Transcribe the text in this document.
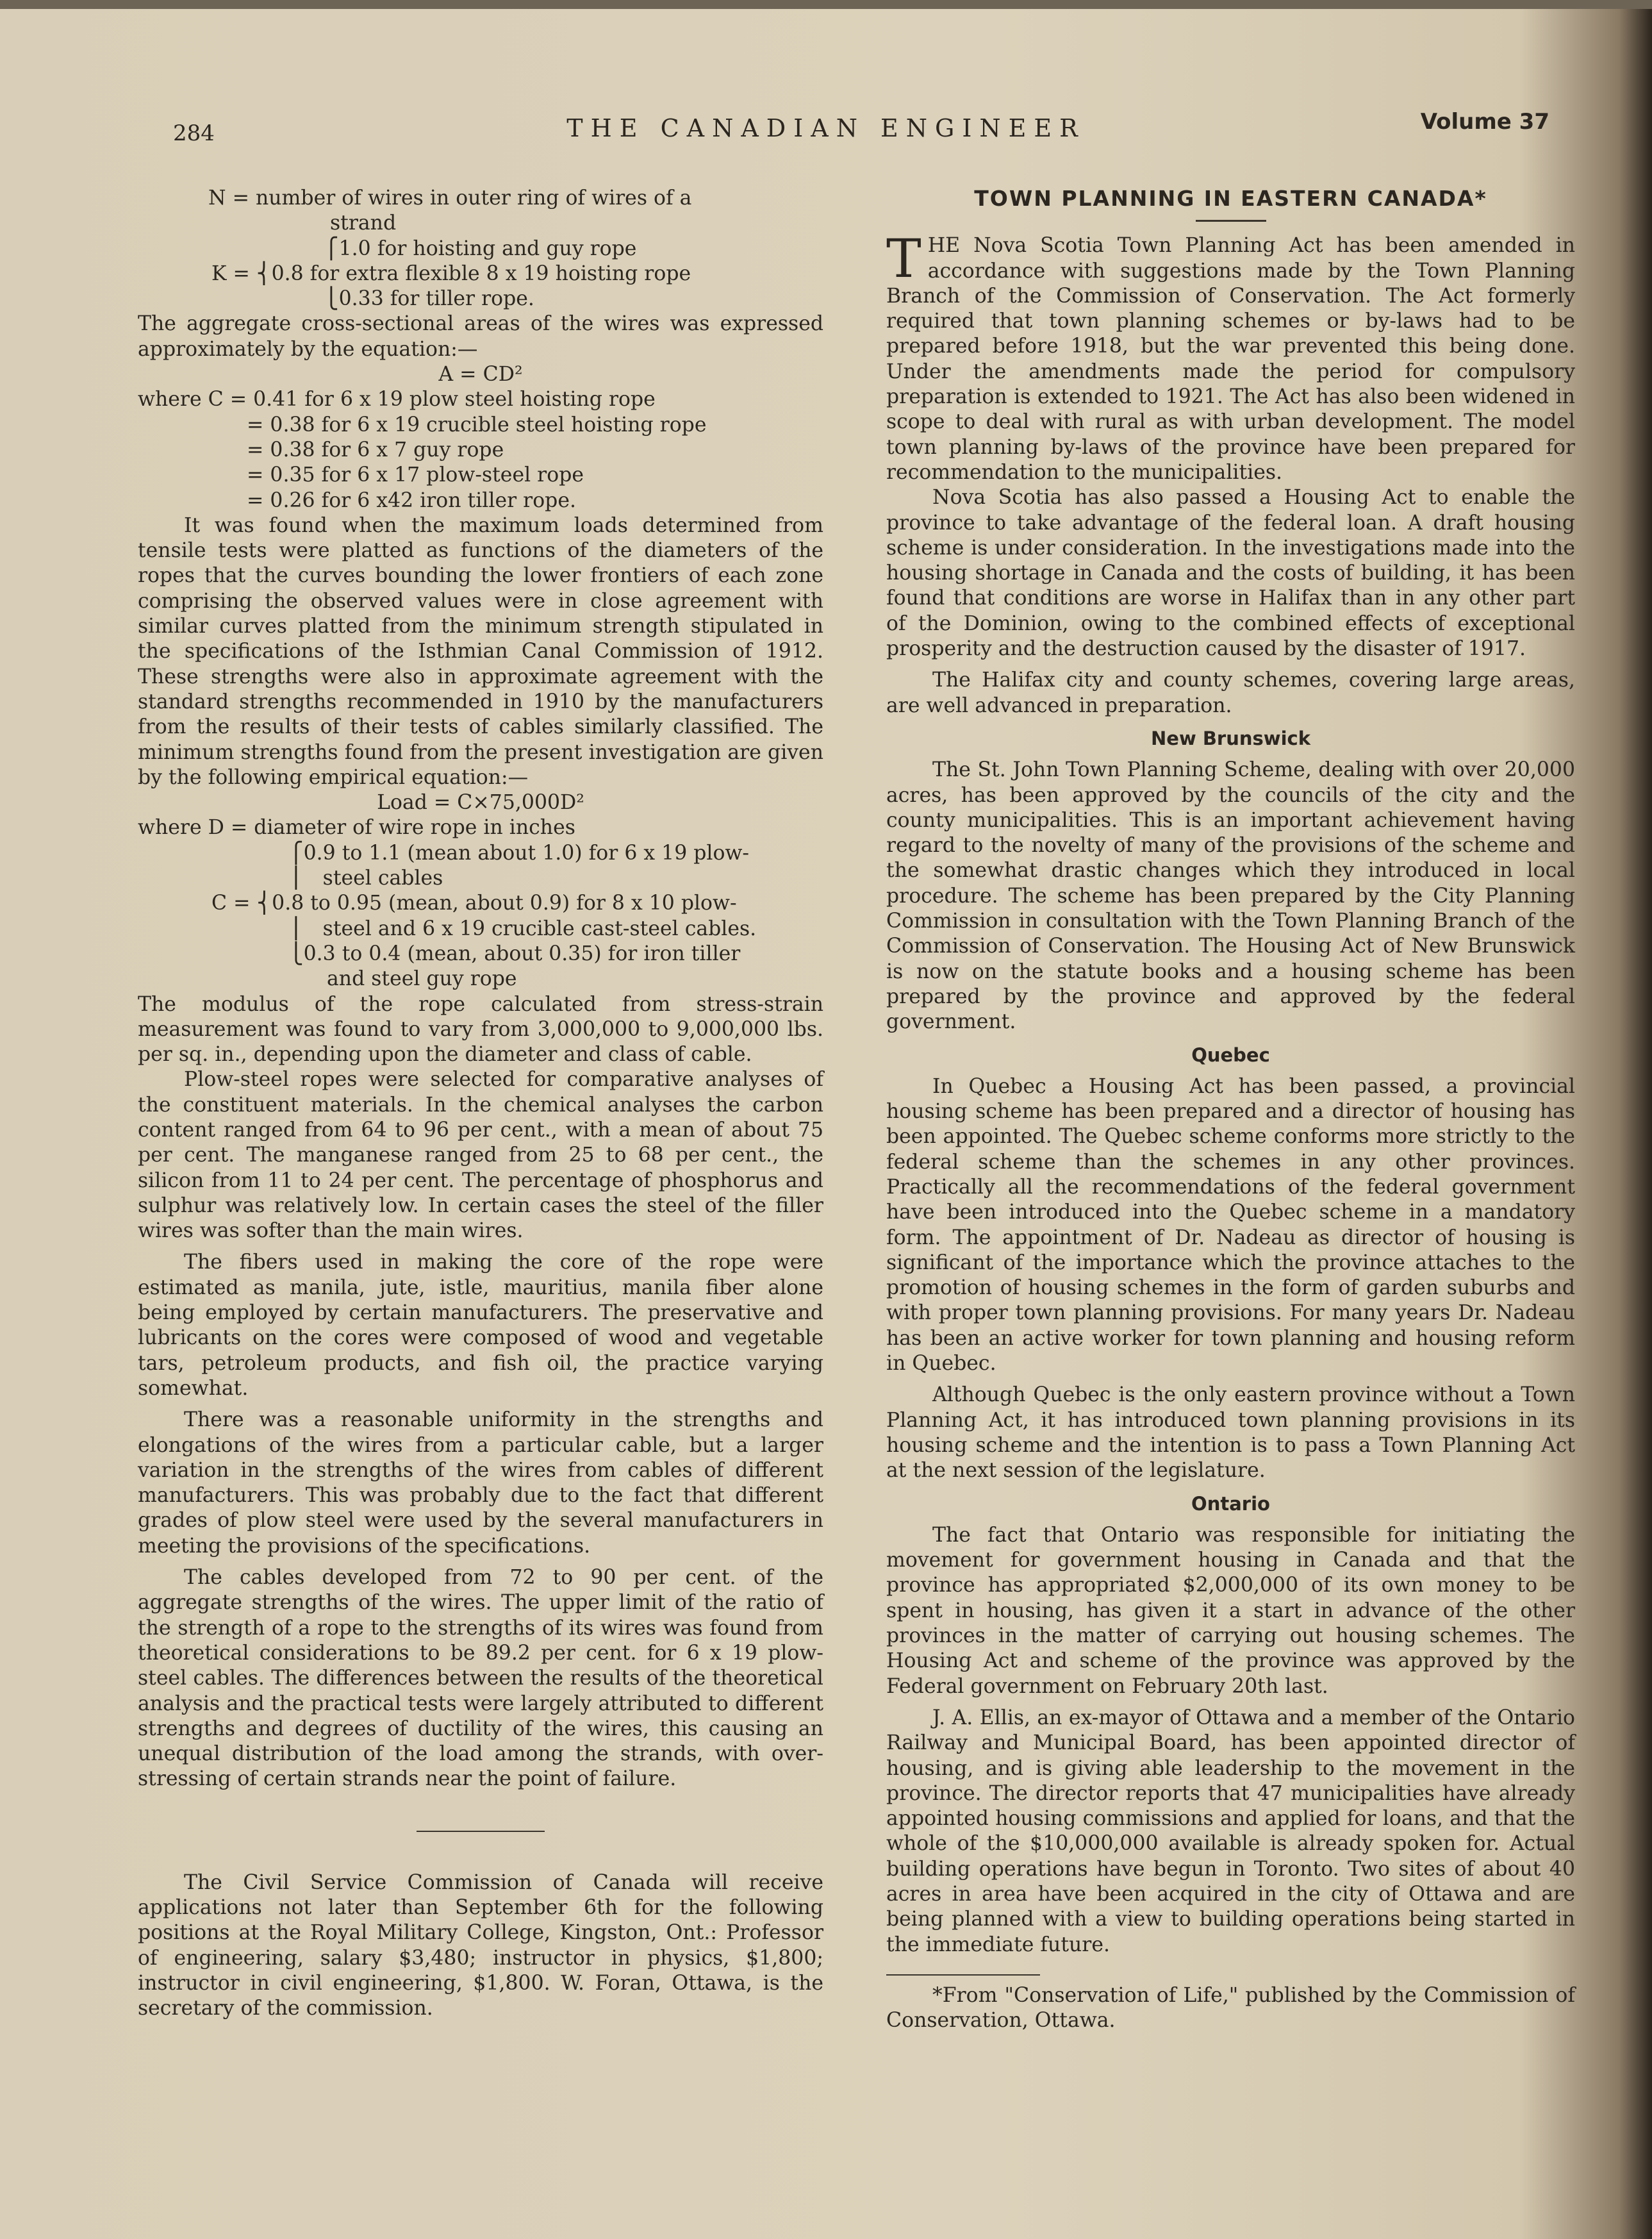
284	THE CANADIAN ENGINEER	Volume 37
N = number of wires in outer ring of wires of a
strand
⎧1.0 for hoisting and guy rope
K = ⎨0.8 for extra flexible 8 x 19 hoisting rope
⎩0.33 for tiller rope.

The aggregate cross-sectional areas of the wires was expressed approximately by the equation:—

A = CD²
where C = 0.41 for 6 x 19 plow steel hoisting rope
= 0.38 for 6 x 19 crucible steel hoisting rope
= 0.38 for 6 x 7 guy rope
= 0.35 for 6 x 17 plow-steel rope
= 0.26 for 6 x42 iron tiller rope.

It was found when the maximum loads determined from tensile tests were platted as functions of the diameters of the ropes that the curves bounding the lower frontiers of each zone comprising the observed values were in close agreement with similar curves platted from the minimum strength stipulated in the specifications of the Isthmian Canal Commission of 1912. These strengths were also in approximate agreement with the standard strengths recommended in 1910 by the manufacturers from the results of their tests of cables similarly classified. The minimum strengths found from the present investigation are given by the following empirical equation:—

Load = C×75,000D²
where D = diameter of wire rope in inches
⎧0.9 to 1.1 (mean about 1.0) for 6 x 19 plow-
⎪   steel cables
C = ⎨0.8 to 0.95 (mean, about 0.9) for 8 x 10 plow-
⎪   steel and 6 x 19 crucible cast-steel cables.
⎩0.3 to 0.4 (mean, about 0.35) for iron tiller
and steel guy rope

The modulus of the rope calculated from stress-strain measurement was found to vary from 3,000,000 to 9,000,000 lbs. per sq. in., depending upon the diameter and class of cable.

Plow-steel ropes were selected for comparative analyses of the constituent materials. In the chemical analyses the carbon content ranged from 64 to 96 per cent., with a mean of about 75 per cent. The manganese ranged from 25 to 68 per cent., the silicon from 11 to 24 per cent. The percentage of phosphorus and sulphur was relatively low. In certain cases the steel of the filler wires was softer than the main wires.

The fibers used in making the core of the rope were estimated as manila, jute, istle, mauritius, manila fiber alone being employed by certain manufacturers. The preservative and lubricants on the cores were composed of wood and vegetable tars, petroleum products, and fish oil, the practice varying somewhat.

There was a reasonable uniformity in the strengths and elongations of the wires from a particular cable, but a larger variation in the strengths of the wires from cables of different manufacturers. This was probably due to the fact that different grades of plow steel were used by the several manufacturers in meeting the provisions of the specifications.

The cables developed from 72 to 90 per cent. of the aggregate strengths of the wires. The upper limit of the ratio of the strength of a rope to the strengths of its wires was found from theoretical considerations to be 89.2 per cent. for 6 x 19 plow-steel cables. The differences between the results of the theoretical analysis and the practical tests were largely attributed to different strengths and degrees of ductility of the wires, this causing an unequal distribution of the load among the strands, with over-stressing of certain strands near the point of failure.

The Civil Service Commission of Canada will receive applications not later than September 6th for the following positions at the Royal Military College, Kingston, Ont.: Professor of engineering, salary $3,480; instructor in physics, $1,800; instructor in civil engineering, $1,800. W. Foran, Ottawa, is the secretary of the commission.

TOWN PLANNING IN EASTERN CANADA*

THE Nova Scotia Town Planning Act has been amended in accordance with suggestions made by the Town Planning Branch of the Commission of Conservation. The Act formerly required that town planning schemes or by-laws had to be prepared before 1918, but the war prevented this being done. Under the amendments made the period for compulsory preparation is extended to 1921. The Act has also been widened in scope to deal with rural as with urban development. The model town planning by-laws of the province have been prepared for recommendation to the municipalities.

Nova Scotia has also passed a Housing Act to enable the province to take advantage of the federal loan. A draft housing scheme is under consideration. In the investigations made into the housing shortage in Canada and the costs of building, it has been found that conditions are worse in Halifax than in any other part of the Dominion, owing to the combined effects of exceptional prosperity and the destruction caused by the disaster of 1917.

The Halifax city and county schemes, covering large areas, are well advanced in preparation.

New Brunswick

The St. John Town Planning Scheme, dealing with over 20,000 acres, has been approved by the councils of the city and the county municipalities. This is an important achievement having regard to the novelty of many of the provisions of the scheme and the somewhat drastic changes which they introduced in local procedure. The scheme has been prepared by the City Planning Commission in consultation with the Town Planning Branch of the Commission of Conservation. The Housing Act of New Brunswick is now on the statute books and a housing scheme has been prepared by the province and approved by the federal government.

Quebec

In Quebec a Housing Act has been passed, a provincial housing scheme has been prepared and a director of housing has been appointed. The Quebec scheme conforms more strictly to the federal scheme than the schemes in any other provinces. Practically all the recommendations of the federal government have been introduced into the Quebec scheme in a mandatory form. The appointment of Dr. Nadeau as director of housing is significant of the importance which the province attaches to the promotion of housing schemes in the form of garden suburbs and with proper town planning provisions. For many years Dr. Nadeau has been an active worker for town planning and housing reform in Quebec.

Although Quebec is the only eastern province without a Town Planning Act, it has introduced town planning provisions in its housing scheme and the intention is to pass a Town Planning Act at the next session of the legislature.

Ontario

The fact that Ontario was responsible for initiating the movement for government housing in Canada and that the province has appropriated $2,000,000 of its own money to be spent in housing, has given it a start in advance of the other provinces in the matter of carrying out housing schemes. The Housing Act and scheme of the province was approved by the Federal government on February 20th last.

J. A. Ellis, an ex-mayor of Ottawa and a member of the Ontario Railway and Municipal Board, has been appointed director of housing, and is giving able leadership to the movement in the province. The director reports that 47 municipalities have already appointed housing commissions and applied for loans, and that the whole of the $10,000,000 available is already spoken for. Actual building operations have begun in Toronto. Two sites of about 40 acres in area have been acquired in the city of Ottawa and are being planned with a view to building operations being started in the immediate future.

*From "Conservation of Life," published by the Commission of Conservation, Ottawa.
